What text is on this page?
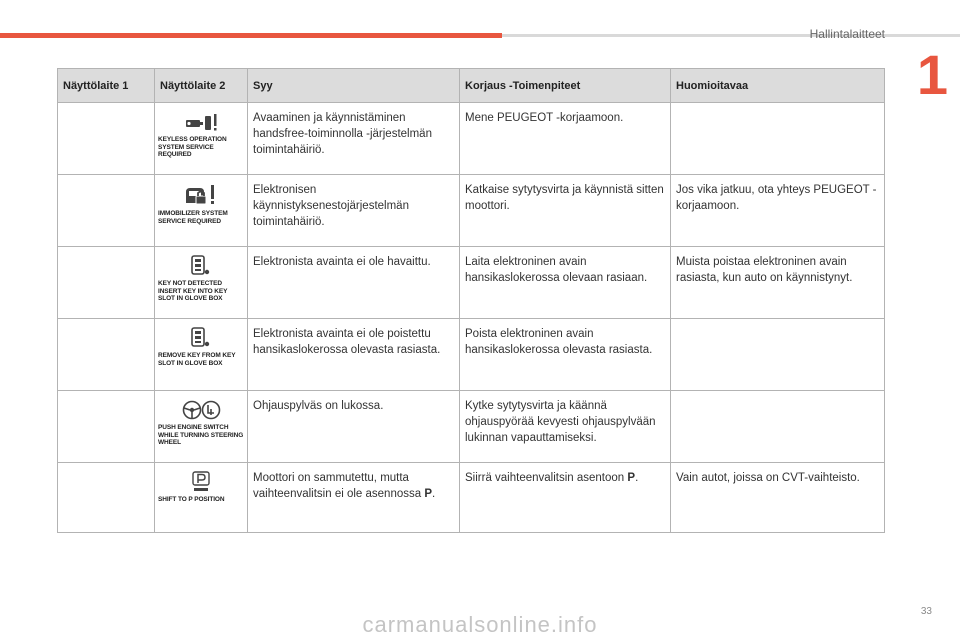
Hallintalaitteet
1
Näyttölaite 1	Näyttölaite 2	Syy	Korjaus -Toimenpiteet	Huomioitavaa

	KEYLESS OPERATION SYSTEM SERVICE REQUIRED	Avaaminen ja käynnistäminen handsfree-toiminnolla -järjestelmän toimintahäiriö.	Mene PEUGEOT -korjaamoon.	

	IMMOBILIZER SYSTEM SERVICE REQUIRED	Elektronisen käynnistyksenestojärjestelmän toimintahäiriö.	Katkaise sytytysvirta ja käynnistä sitten moottori.	Jos vika jatkuu, ota yhteys PEUGEOT -korjaamoon.

	KEY NOT DETECTED INSERT KEY INTO KEY SLOT IN GLOVE BOX	Elektronista avainta ei ole havaittu.	Laita elektroninen avain hansikaslokerossa olevaan rasiaan.	Muista poistaa elektroninen avain rasiasta, kun auto on käynnistynyt.

	REMOVE KEY FROM KEY SLOT IN GLOVE BOX	Elektronista avainta ei ole poistettu hansikaslokerossa olevasta rasiasta.	Poista elektroninen avain hansikaslokerossa olevasta rasiasta.	

	PUSH ENGINE SWITCH WHILE TURNING STEERING WHEEL	Ohjauspylväs on lukossa.	Kytke sytytysvirta ja käännä ohjauspyörää kevyesti ohjauspylvään lukinnan vapauttamiseksi.	

	SHIFT TO P POSITION	Moottori on sammutettu, mutta vaihteenvalitsin ei ole asennossa P.	Siirrä vaihteenvalitsin asentoon P.	Vain autot, joissa on CVT-vaihteisto.
33
carmanualsonline.info
